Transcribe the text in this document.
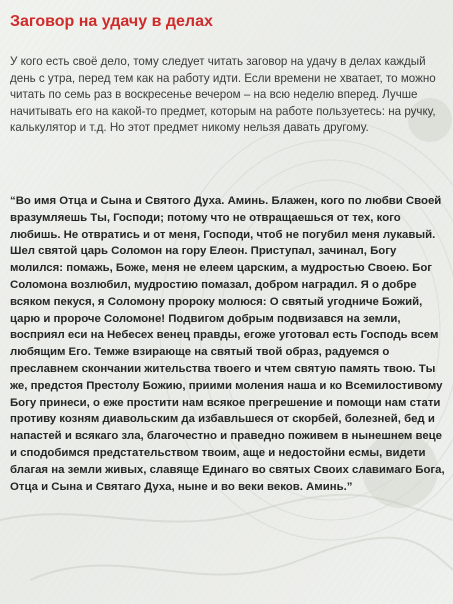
Заговор на удачу в делах

У кого есть своё дело, тому следует читать заговор на удачу в делах каждый день с утра, перед тем как на работу идти. Если времени не хватает, то можно читать по семь раз в воскресенье вечером – на всю неделю вперед. Лучше начитывать его на какой-то предмет, которым на работе пользуетесь: на ручку, калькулятор и т.д. Но этот предмет никому нельзя давать другому.

“Во имя Отца и Сына и Святого Духа. Аминь. Блажен, кого по любви Своей вразумляешь Ты, Господи; потому что не отвращаешься от тех, кого любишь. Не отвратись и от меня, Господи, чтоб не погубил меня лукавый. Шел святой царь Соломон на гору Елеон. Приступал, зачинал, Богу молился: помажь, Боже, меня не елеем царским, а мудростью Своею. Бог Соломона возлюбил, мудростию помазал, добром наградил. Я о добре всяком пекуся, я Соломону пророку молюся: О святый угодниче Божий, царю и пророче Соломоне! Подвигом добрым подвизався на земли, восприял еси на Небесех венец правды, егоже уготовал есть Господь всем любящим Его. Темже взирающе на святый твой образ, радуемся о преславнем скончании жительства твоего и чтем святую память твою. Ты же, предстоя Престолу Божию, приими моления наша и ко Всемилостивому Богу принеси, о еже простити нам всякое прегрешение и помощи нам стати противу козням диавольским да избавльшеся от скорбей, болезней, бед и напастей и всякаго зла, благочестно и праведно поживем в нынешнем веце и сподобимся предстательством твоим, аще и недостойни есмы, видети благая на земли живых, славяще Единаго во святых Своих славимаго Бога, Отца и Сына и Святаго Духа, ныне и во веки веков. Аминь.”
